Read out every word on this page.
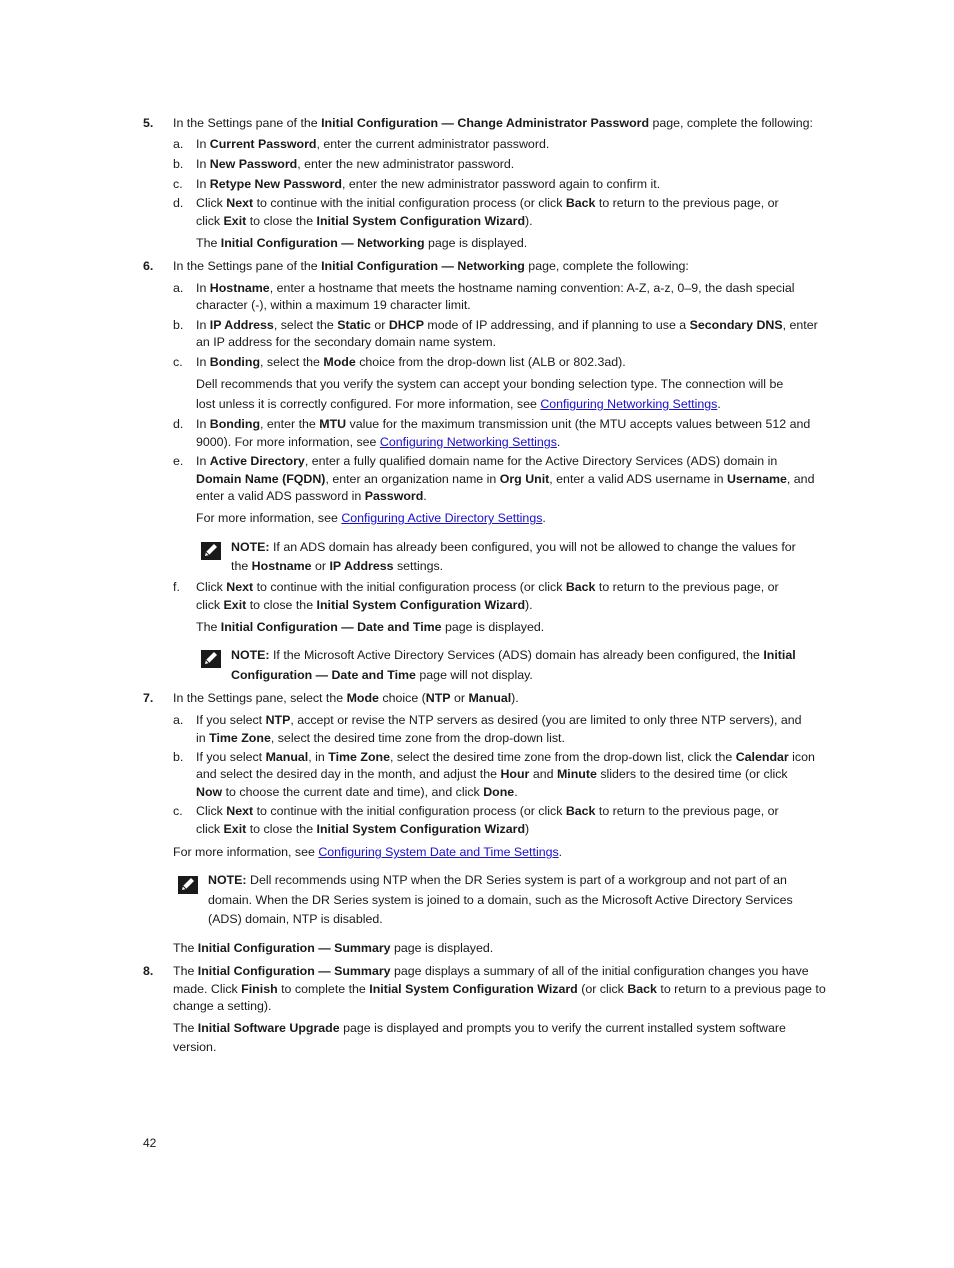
5. In the Settings pane of the Initial Configuration — Change Administrator Password page, complete the following:
a. In Current Password, enter the current administrator password.
b. In New Password, enter the new administrator password.
c. In Retype New Password, enter the new administrator password again to confirm it.
d. Click Next to continue with the initial configuration process (or click Back to return to the previous page, or
click Exit to close the Initial System Configuration Wizard).
The Initial Configuration — Networking page is displayed.
6. In the Settings pane of the Initial Configuration — Networking page, complete the following:
a. In Hostname, enter a hostname that meets the hostname naming convention: A-Z, a-z, 0–9, the dash special
character (-), within a maximum 19 character limit.
b. In IP Address, select the Static or DHCP mode of IP addressing, and if planning to use a Secondary DNS, enter
an IP address for the secondary domain name system.
c. In Bonding, select the Mode choice from the drop-down list (ALB or 802.3ad).
Dell recommends that you verify the system can accept your bonding selection type. The connection will be
lost unless it is correctly configured. For more information, see Configuring Networking Settings.
d. In Bonding, enter the MTU value for the maximum transmission unit (the MTU accepts values between 512 and
9000). For more information, see Configuring Networking Settings.
e. In Active Directory, enter a fully qualified domain name for the Active Directory Services (ADS) domain in
Domain Name (FQDN), enter an organization name in Org Unit, enter a valid ADS username in Username, and
enter a valid ADS password in Password.
For more information, see Configuring Active Directory Settings.
NOTE: If an ADS domain has already been configured, you will not be allowed to change the values for
the Hostname or IP Address settings.
f. Click Next to continue with the initial configuration process (or click Back to return to the previous page, or
click Exit to close the Initial System Configuration Wizard).
The Initial Configuration — Date and Time page is displayed.
NOTE: If the Microsoft Active Directory Services (ADS) domain has already been configured, the Initial
Configuration — Date and Time page will not display.
7. In the Settings pane, select the Mode choice (NTP or Manual).
a. If you select NTP, accept or revise the NTP servers as desired (you are limited to only three NTP servers), and
in Time Zone, select the desired time zone from the drop-down list.
b. If you select Manual, in Time Zone, select the desired time zone from the drop-down list, click the Calendar icon
and select the desired day in the month, and adjust the Hour and Minute sliders to the desired time (or click
Now to choose the current date and time), and click Done.
c. Click Next to continue with the initial configuration process (or click Back to return to the previous page, or
click Exit to close the Initial System Configuration Wizard)
For more information, see Configuring System Date and Time Settings.
NOTE: Dell recommends using NTP when the DR Series system is part of a workgroup and not part of an
domain. When the DR Series system is joined to a domain, such as the Microsoft Active Directory Services
(ADS) domain, NTP is disabled.
The Initial Configuration — Summary page is displayed.
8. The Initial Configuration — Summary page displays a summary of all of the initial configuration changes you have
made. Click Finish to complete the Initial System Configuration Wizard (or click Back to return to a previous page to
change a setting).
The Initial Software Upgrade page is displayed and prompts you to verify the current installed system software
version.
42
